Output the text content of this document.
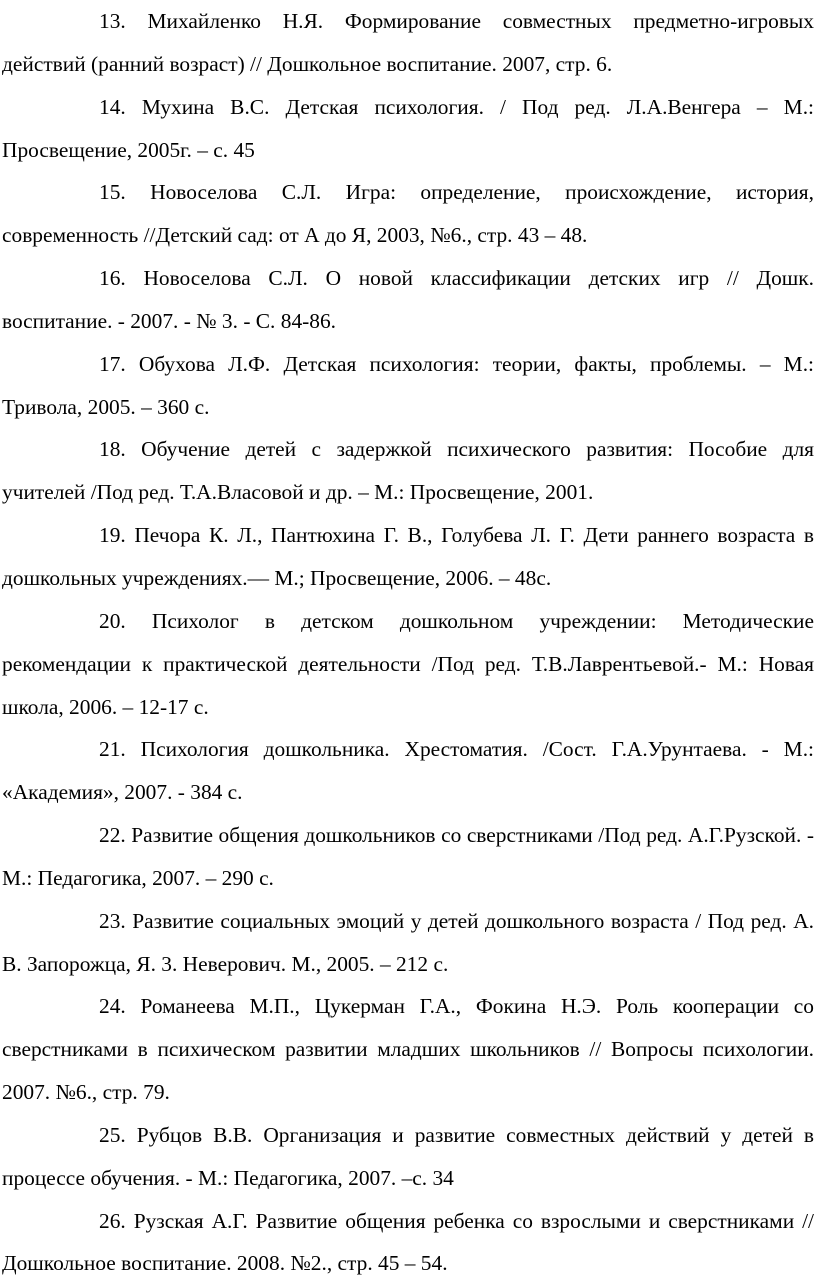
13. Михайленко Н.Я. Формирование совместных предметно-игровых действий (ранний возраст) // Дошкольное воспитание. 2007, стр. 6.
14. Мухина В.С. Детская психология. / Под ред. Л.А.Венгера – М.: Просвещение, 2005г. – с. 45
15. Новоселова С.Л. Игра: определение, происхождение, история, современность //Детский сад: от А до Я, 2003, №6., стр. 43 – 48.
16. Новоселова С.Л. О новой классификации детских игр // Дошк. воспитание. - 2007. - № 3. - С. 84-86.
17. Обухова Л.Ф. Детская психология: теории, факты, проблемы. – М.: Тривола, 2005. – 360 с.
18. Обучение детей с задержкой психического развития: Пособие для учителей /Под ред. Т.А.Власовой и др. – М.: Просвещение, 2001.
19. Печора К. Л., Пантюхина Г. В., Голубева Л. Г. Дети раннего возраста в дошкольных учреждениях.— М.; Просвещение, 2006. – 48с.
20. Психолог в детском дошкольном учреждении: Методические рекомендации к практической деятельности /Под ред. Т.В.Лаврентьевой.- М.: Новая школа, 2006. – 12-17 с.
21. Психология дошкольника. Хрестоматия. /Сост. Г.А.Урунтаева. - М.: «Академия», 2007. - 384 с.
22. Развитие общения дошкольников со сверстниками /Под ред. А.Г.Рузской. - М.: Педагогика, 2007. – 290 с.
23. Развитие социальных эмоций у детей дошкольного возраста / Под ред. А. В. Запорожца, Я. 3. Неверович. М., 2005. – 212 с.
24. Романеева М.П., Цукерман Г.А., Фокина Н.Э. Роль кооперации со сверстниками в психическом развитии младших школьников // Вопросы психологии. 2007. №6., стр. 79.
25. Рубцов В.В. Организация и развитие совместных действий у детей в процессе обучения. - М.: Педагогика, 2007. –с. 34
26. Рузская А.Г. Развитие общения ребенка со взрослыми и сверстниками //Дошкольное воспитание. 2008. №2., стр. 45 – 54.
